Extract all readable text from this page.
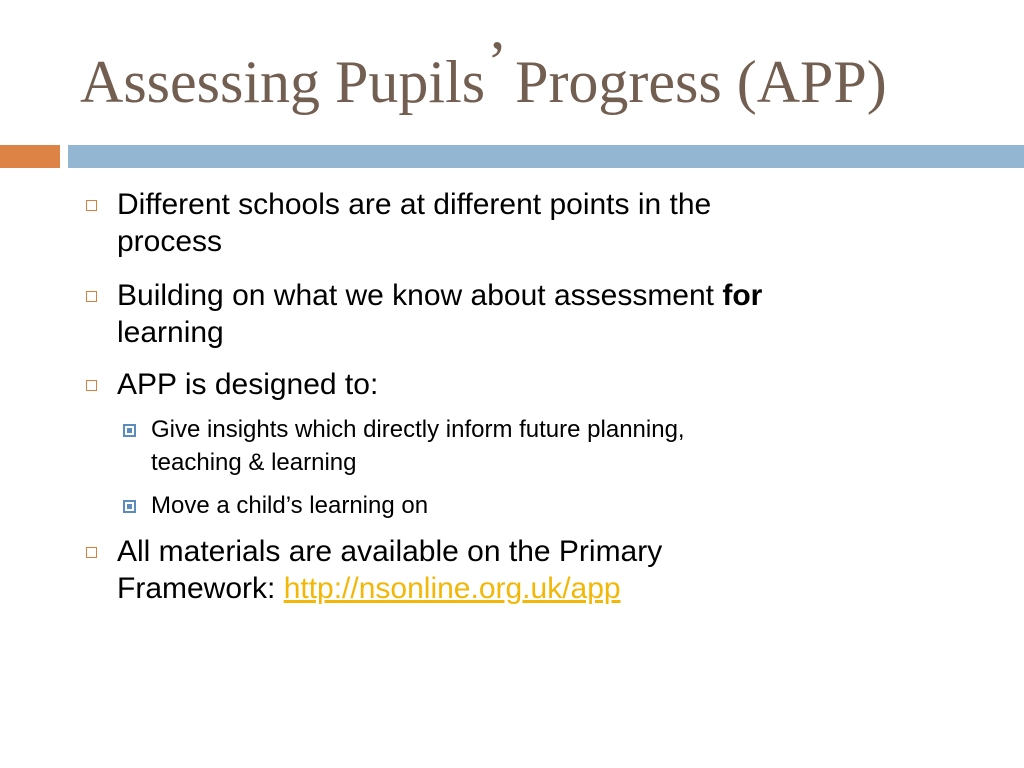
Assessing Pupils’ Progress (APP)
Different schools are at different points in the
process
Building on what we know about assessment for
learning
APP is designed to:
Give insights which directly inform future planning,
teaching & learning
Move a child’s learning on
All materials are available on the Primary
Framework: http://nsonline.org.uk/app
